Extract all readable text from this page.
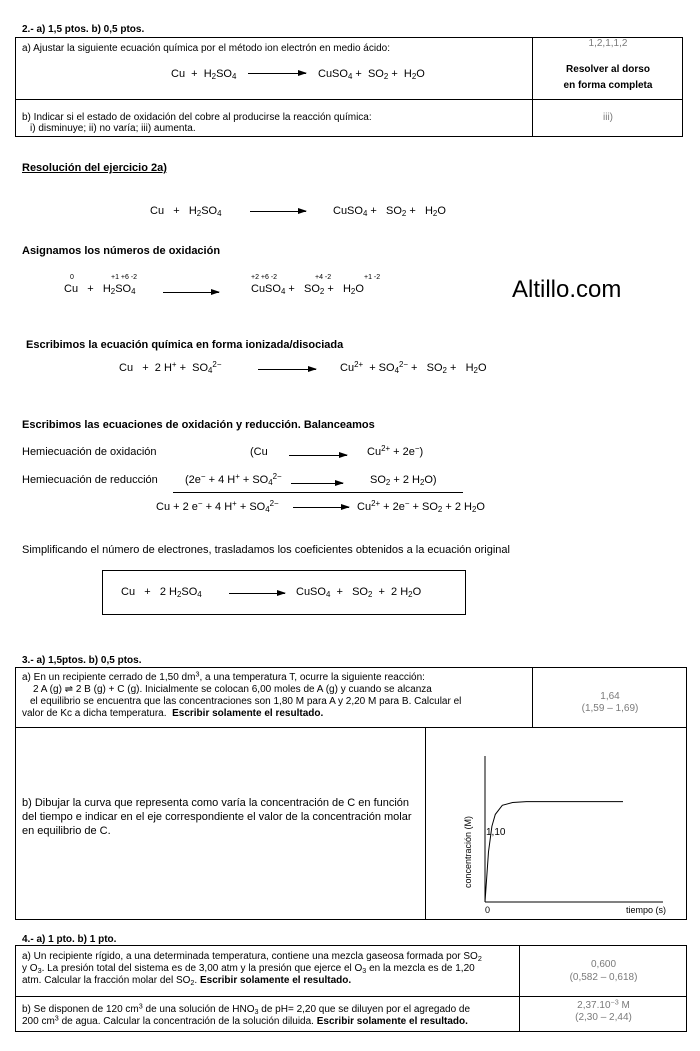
2.- a) 1,5 ptos. b) 0,5 ptos.
a) Ajustar la siguiente ecuación química por el método ion electrón en medio ácido:
$Cu + H_2SO_4$	CuSO$_4$ +  $SO_2 + H_2O$
1,2,1,1,2
Resolver al dorso
en forma completa
b) Indicar si el estado de oxidación del cobre al producirse la reacción química:
i) disminuye; ii) no varía; iii) aumenta.
iii)
Resolución del ejercicio 2a)
$Cu + H_2SO_4$	CuSO$_4$ +   $SO_2 + H_2O$
Asignamos los números de oxidación
0	+1 +6 -2	+2 +6 -2	+4 -2	+1 -2
$Cu + H_2SO_4$	CuSO$_4$ +   $SO_2 + H_2O$	Altillo.com
Escribimos la ecuación química en forma ionizada/disociada
Cu   +  2 $H^+ + SO_4^{2-}$	$Cu^{2+} + SO_4^{2-} + SO_2 + H_2O$
Escribimos las ecuaciones de oxidación y reducción. Balanceamos
Hemiecuación de oxidación	(Cu	$Cu^{2+} + 2e^-$)
Hemiecuación de reducción (2e− + 4 $H^+ + SO_4^{2-}$	$SO_2 + 2$ $H_2O$)
Cu + 2 e− + 4 $H^+ + SO_4^{2-}$	$Cu^{2+} + 2e^- + SO_2 + 2$ $H_2O$
Simplificando el número de electrones, trasladamos los coeficientes obtenidos a la ecuación original
Cu   +   2 $H_2SO_4$	CuSO$_4$  +   $SO_2 + 2$ $H_2O$
3.- a) 1,5ptos. b) 0,5 ptos.
a) En un recipiente cerrado de 1,50 $dm^3$, a una temperatura T, ocurre la siguiente reacción:
2 A (g) ⇌ 2 B (g) + C (g). Inicialmente se colocan 6,00 moles de A (g) y cuando se alcanza
el equilibrio se encuentra que las concentraciones son 1,80 M para A y 2,20 M para B. Calcular el
valor de Kc a dicha temperatura. Escribir solamente el resultado.
1,64
(1,59 – 1,69)
b) Dibujar la curva que representa como varía la concentración de C en función del tiempo e indicar en el eje correspondiente el valor de la concentración molar en equilibrio de C.	concentración (M)
tiempo (s)
0
1,10
4.- a) 1 pto. b) 1 pto.
a) Un recipiente rígido, a una determinada temperatura, contiene una mezcla gaseosa formada por $SO_2$
y $O_3$. La presión total del sistema es de 3,00 atm y la presión que ejerce el $O_3$ en la mezcla es de 1,20
atm. Calcular la fracción molar del $SO_2$. Escribir solamente el resultado.
0,600
(0,582 – 0,618)
b) Se disponen de 120 $cm^3$ de una solución de $HNO_3$ de pH= 2,20 que se diluyen por el agregado de
200 $cm^3$ de agua. Calcular la concentración de la solución diluida. Escribir solamente el resultado.
$2,37.10^{-3}$ M
(2,30 – 2,44)
